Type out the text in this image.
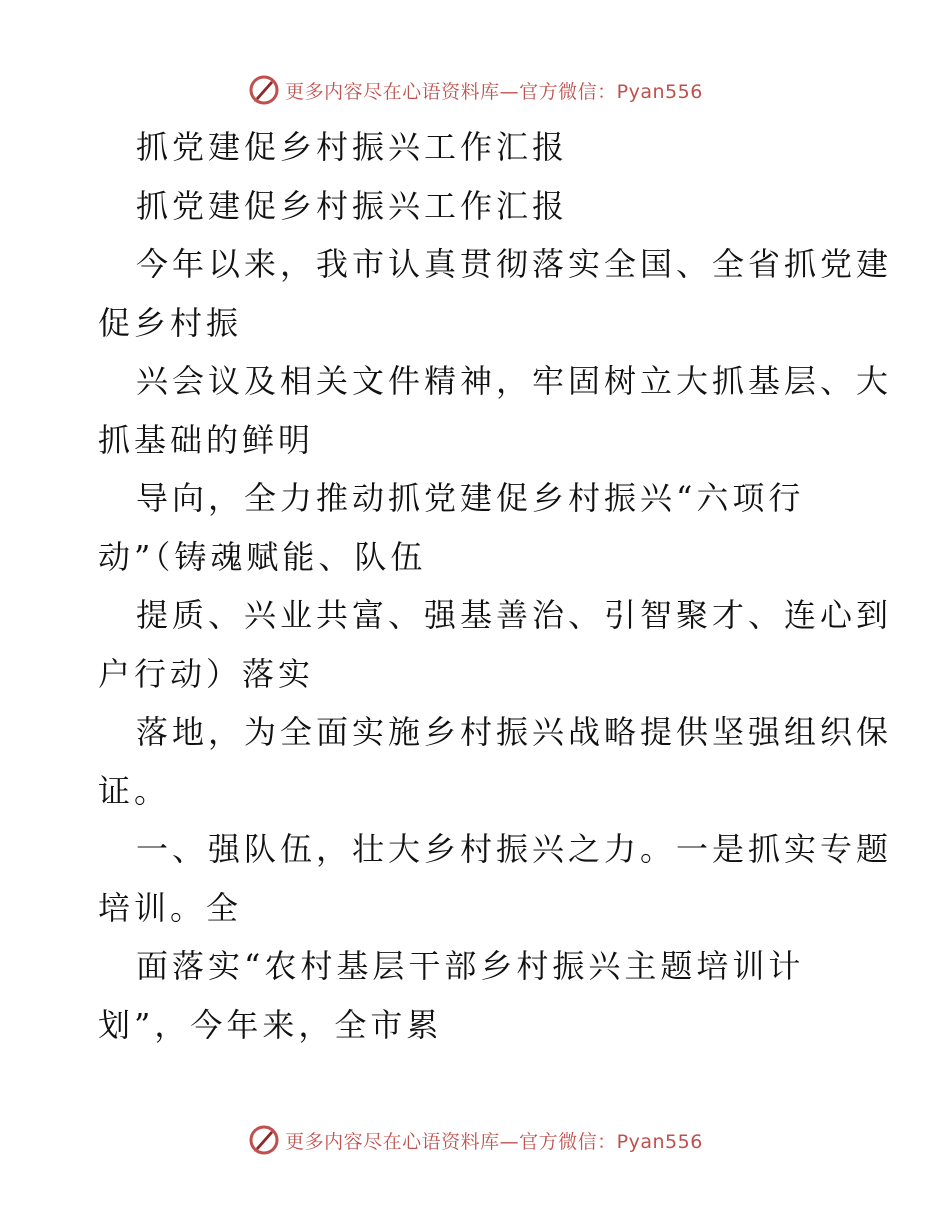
更多内容尽在心语资料库—官方微信：Pyan556
抓党建促乡村振兴工作汇报
抓党建促乡村振兴工作汇报
今年以来，我市认真贯彻落实全国、全省抓党建
促乡村振
兴会议及相关文件精神，牢固树立大抓基层、大
抓基础的鲜明
导向，全力推动抓党建促乡村振兴“六项行
动”（铸魂赋能、队伍
提质、兴业共富、强基善治、引智聚才、连心到
户行动）落实
落地，为全面实施乡村振兴战略提供坚强组织保
证。
一、强队伍，壮大乡村振兴之力。一是抓实专题
培训。全
面落实“农村基层干部乡村振兴主题培训计
划”，今年来，全市累
更多内容尽在心语资料库—官方微信：Pyan556
